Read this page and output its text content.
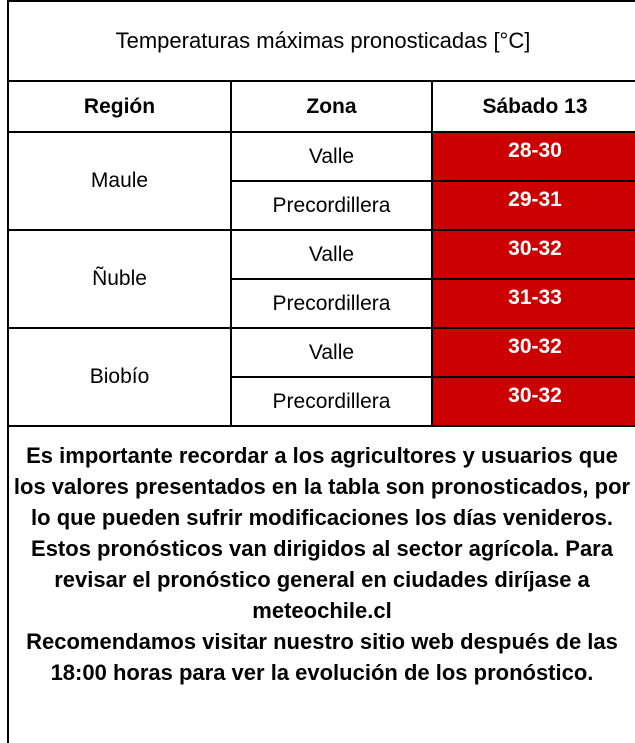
Temperaturas máximas pronosticadas [°C]
Región	Zona	Sábado 13
Maule	Valle	28-30
	Precordillera	29-31
Ñuble	Valle	30-32
	Precordillera	31-33
Biobío	Valle	30-32
	Precordillera	30-32

Es importante recordar a los agricultores y usuarios que los valores presentados en la tabla son pronosticados, por lo que pueden sufrir modificaciones los días venideros. Estos pronósticos van dirigidos al sector agrícola. Para revisar el pronóstico general en ciudades diríjase a meteochile.cl

Recomendamos visitar nuestro sitio web después de las 18:00 horas para ver la evolución de los pronóstico.
